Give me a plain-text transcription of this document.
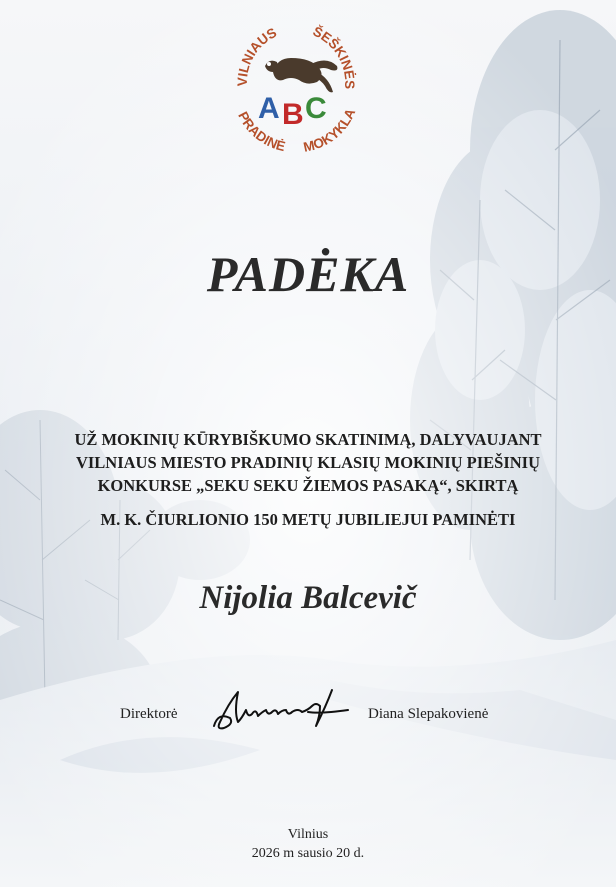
VILNIAUS ŠEŠKINĖS
PRADINĖ MOKYKLA
A B C
PADĖKA
UŽ MOKINIŲ KŪRYBIŠKUMO SKATINIMĄ, DALYVAUJANT
VILNIAUS MIESTO PRADINIŲ KLASIŲ MOKINIŲ PIEŠINIŲ
KONKURSE „SEKU SEKU ŽIEMOS PASAKĄ“, SKIRTĄ
M. K. ČIURLIONIO 150 METŲ JUBILIEJUI PAMINĖTI
Nijolia Balcevič
Direktorė	Diana Slepakovienė
Vilnius
2026 m sausio 20 d.
